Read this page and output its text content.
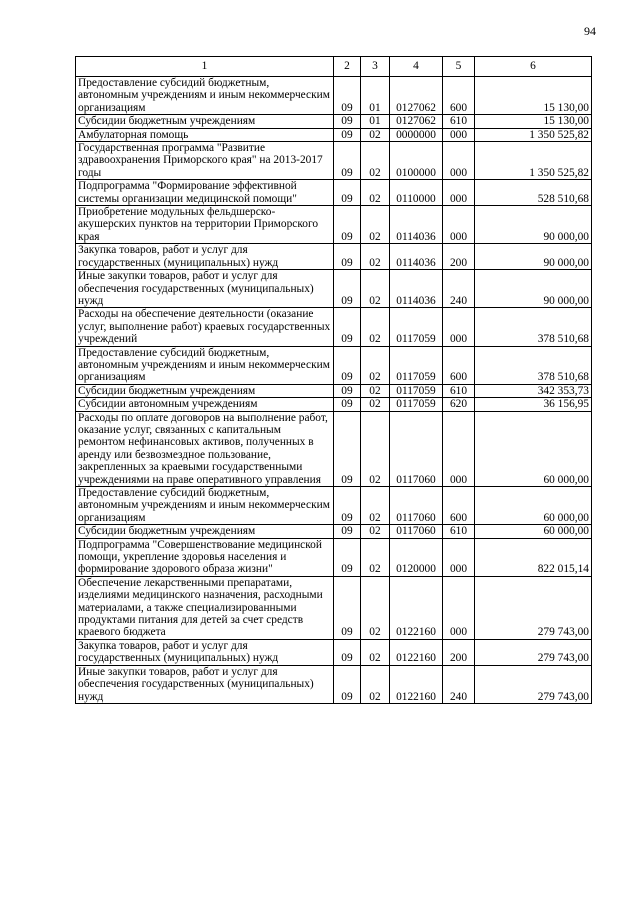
94
1	2	3	4	5	6
Предоставление субсидий бюджетным, автономным учреждениям и иным некоммерческим организациям	09	01	0127062	600	15 130,00
Субсидии бюджетным учреждениям	09	01	0127062	610	15 130,00
Амбулаторная помощь	09	02	0000000	000	1 350 525,82
Государственная программа "Развитие здравоохранения Приморского края" на 2013-2017 годы	09	02	0100000	000	1 350 525,82
Подпрограмма "Формирование эффективной системы организации медицинской помощи"	09	02	0110000	000	528 510,68
Приобретение модульных фельдшерско-акушерских пунктов на территории Приморского края	09	02	0114036	000	90 000,00
Закупка товаров, работ и услуг для государственных (муниципальных) нужд	09	02	0114036	200	90 000,00
Иные закупки товаров, работ и услуг для обеспечения государственных (муниципальных) нужд	09	02	0114036	240	90 000,00
Расходы на обеспечение деятельности (оказание услуг, выполнение работ) краевых государственных учреждений	09	02	0117059	000	378 510,68
Предоставление субсидий бюджетным, автономным учреждениям и иным некоммерческим организациям	09	02	0117059	600	378 510,68
Субсидии бюджетным учреждениям	09	02	0117059	610	342 353,73
Субсидии автономным учреждениям	09	02	0117059	620	36 156,95
Расходы по оплате договоров на выполнение работ, оказание услуг, связанных с капитальным ремонтом нефинансовых активов, полученных в аренду или безвозмездное пользование, закрепленных за краевыми государственными учреждениями на праве оперативного управления	09	02	0117060	000	60 000,00
Предоставление субсидий бюджетным, автономным учреждениям и иным некоммерческим организациям	09	02	0117060	600	60 000,00
Субсидии бюджетным учреждениям	09	02	0117060	610	60 000,00
Подпрограмма "Совершенствование медицинской помощи, укрепление здоровья населения и формирование здорового образа жизни"	09	02	0120000	000	822 015,14
Обеспечение лекарственными препаратами, изделиями медицинского назначения, расходными материалами, а также специализированными продуктами питания для детей за счет средств краевого бюджета	09	02	0122160	000	279 743,00
Закупка товаров, работ и услуг для государственных (муниципальных) нужд	09	02	0122160	200	279 743,00
Иные закупки товаров, работ и услуг для обеспечения государственных (муниципальных) нужд	09	02	0122160	240	279 743,00
